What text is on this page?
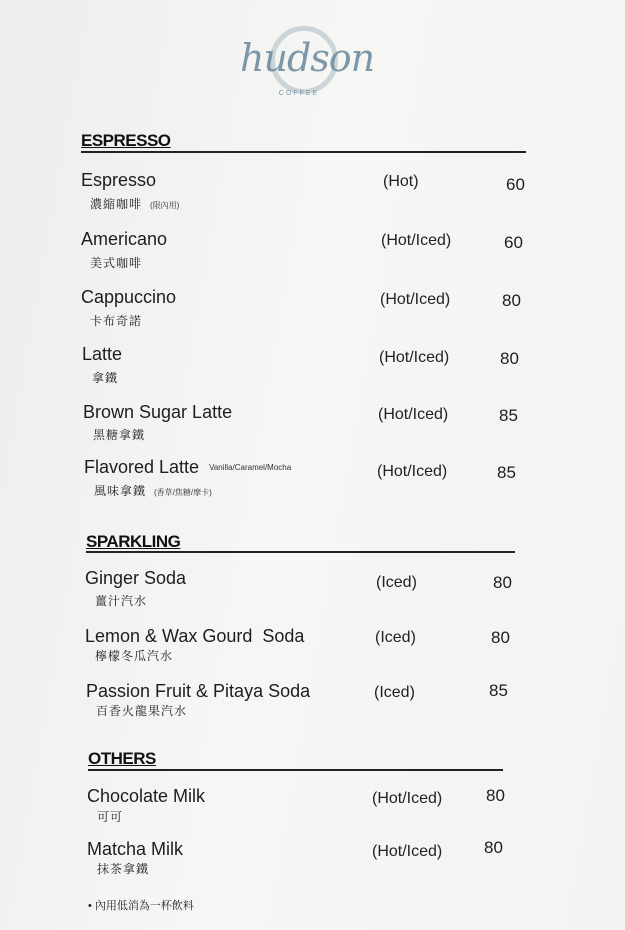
hudson
COFFEE
ESPRESSO
Espresso
濃縮咖啡 (限內用)
(Hot)	60
Americano
美式咖啡
(Hot/Iced)	60
Cappuccino
卡布奇諾
(Hot/Iced)	80
Latte
拿鐵
(Hot/Iced)	80
Brown Sugar Latte
黑糖拿鐵
(Hot/Iced)	85
Flavored Latte Vanilla/Caramel/Mocha
風味拿鐵 (香草/焦糖/摩卡)
(Hot/Iced)	85
SPARKLING
Ginger Soda
薑汁汽水
(Iced)	80
Lemon & Wax Gourd  Soda
檸檬冬瓜汽水
(Iced)	80
Passion Fruit & Pitaya Soda
百香火龍果汽水
(Iced)	85
OTHERS
Chocolate Milk
可可
(Hot/Iced)	80
Matcha Milk
抹茶拿鐵
(Hot/Iced) 80
• 內用低消為一杯飲料
